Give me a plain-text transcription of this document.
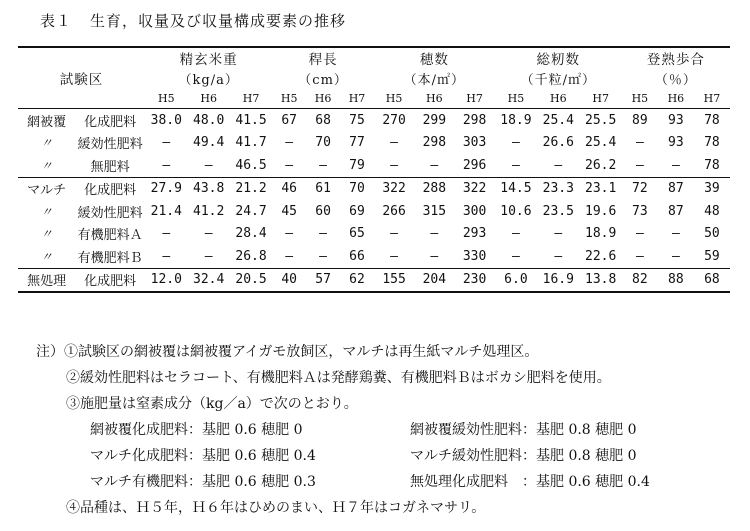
表１ 生育，収量及び収量構成要素の推移
試験区		精玄米重			稈長			穂数			総籾数			登熟歩合		
		（kg/a）			（cm）			（本/㎡）			（千粒/㎡）			（％）		
		H5	H6	H7	H5	H6	H7	H5	H6	H7	H5	H6	H7	H5	H6	H7
網被覆	化成肥料	38.0	48.0	41.5	67	68	75	270	299	298	18.9	25.4	25.5	89	93	78
〃	緩効性肥料	—	49.4	41.7	—	70	77	—	298	303	—	26.6	25.4	—	93	78
〃	無肥料	—	—	46.5	—	—	79	—	—	296	—	—	26.2	—	—	78
マルチ	化成肥料	27.9	43.8	21.2	46	61	70	322	288	322	14.5	23.3	23.1	72	87	39
〃	緩効性肥料	21.4	41.2	24.7	45	60	69	266	315	300	10.6	23.5	19.6	73	87	48
〃	有機肥料Ａ	—	—	28.4	—	—	65	—	—	293	—	—	18.9	—	—	50
〃	有機肥料Ｂ	—	—	26.8	—	—	66	—	—	330	—	—	22.6	—	—	59
無処理	化成肥料	12.0	32.4	20.5	40	57	62	155	204	230	6.0	16.9	13.8	82	88	68
注）①試験区の網被覆は網被覆アイガモ放飼区，マルチは再生紙マルチ処理区。
②緩効性肥料はセラコート、有機肥料Ａは発酵鶏糞、有機肥料Ｂはボカシ肥料を使用。
③施肥量は窒素成分（kg／a）で次のとおり。
網被覆化成肥料：基肥 0.6 穂肥 0	網被覆緩効性肥料：基肥 0.8 穂肥 0
マルチ化成肥料：基肥 0.6 穂肥 0.4	マルチ緩効性肥料：基肥 0.8 穂肥 0
マルチ有機肥料：基肥 0.6 穂肥 0.3	無処理化成肥料　：基肥 0.6 穂肥 0.4
④品種は、Ｈ５年，Ｈ６年はひめのまい、Ｈ７年はコガネマサリ。
